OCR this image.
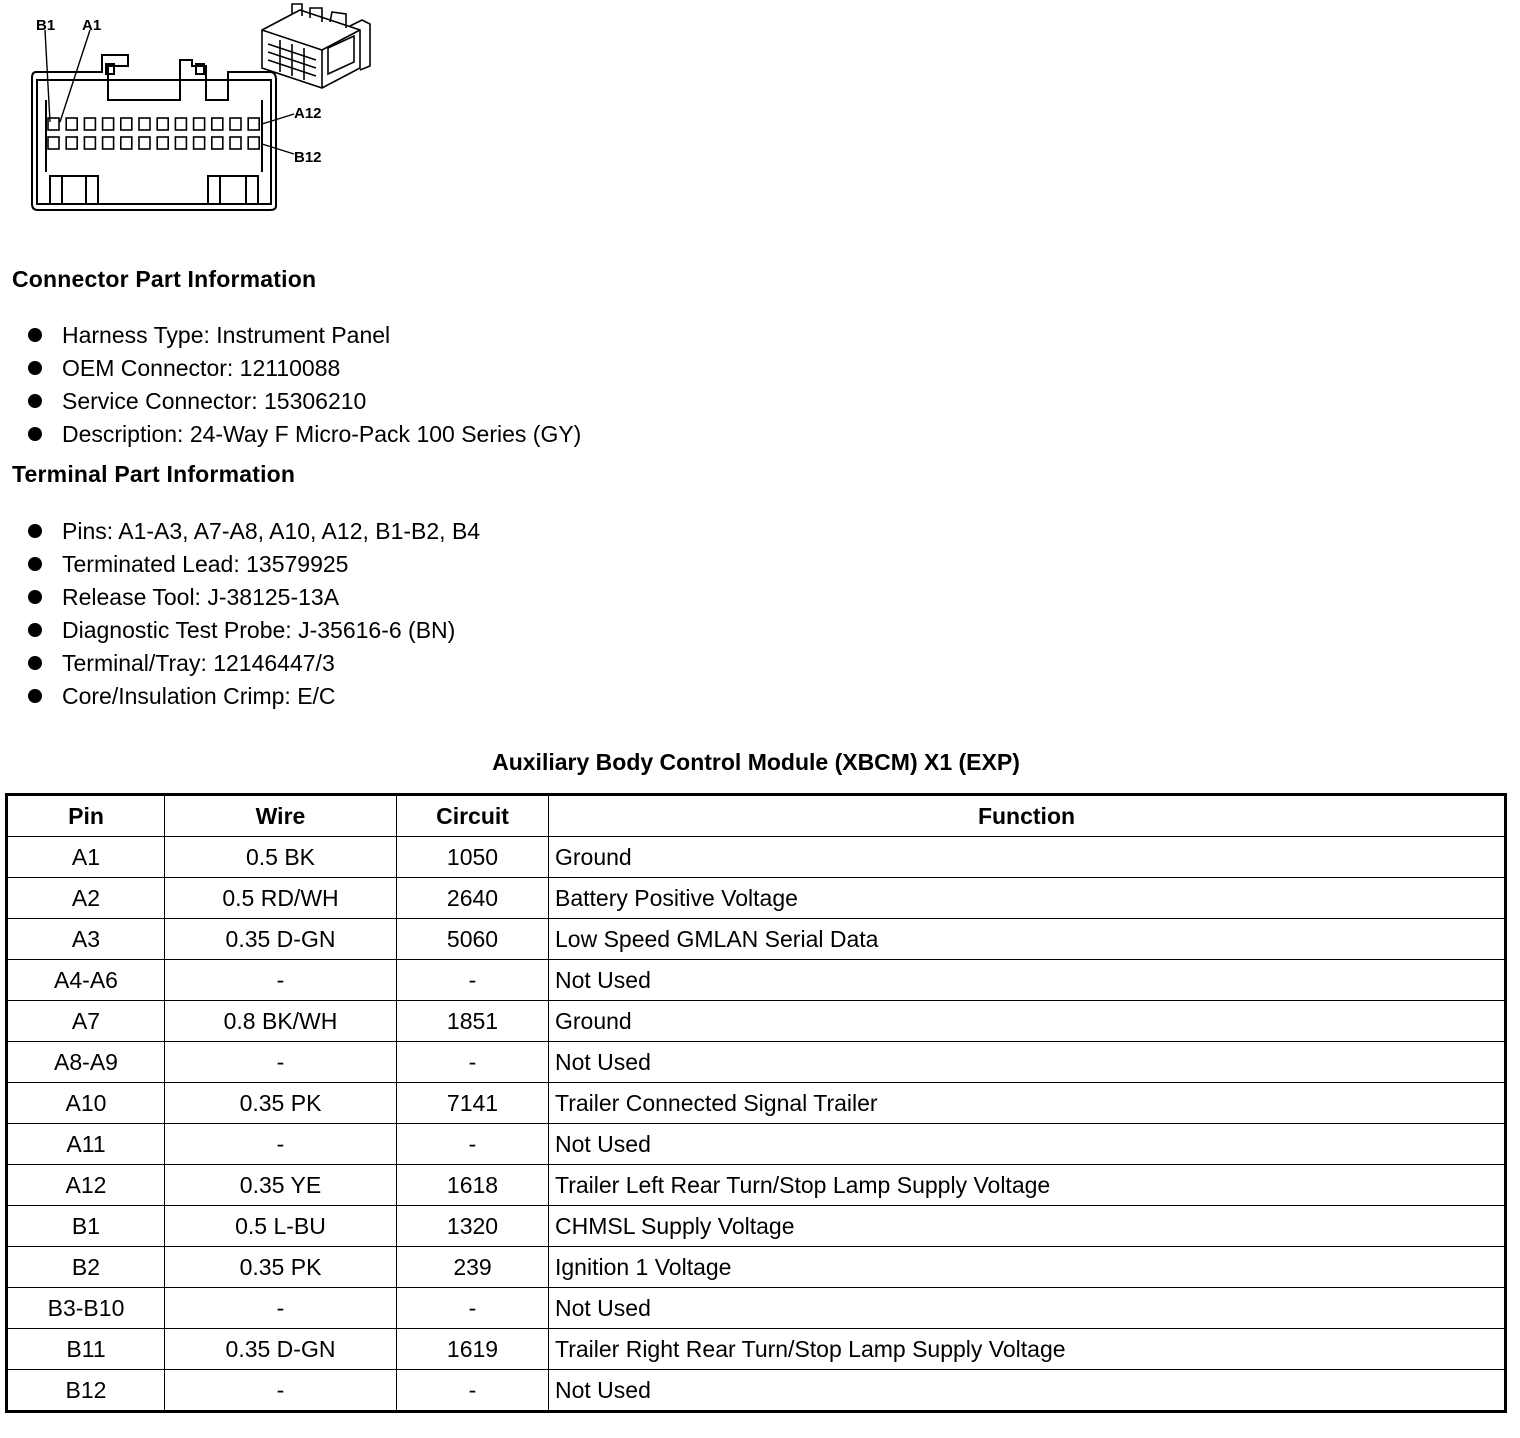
B1 A1
A12
B12
Connector Part Information
Harness Type: Instrument Panel
OEM Connector: 12110088
Service Connector: 15306210
Description: 24-Way F Micro-Pack 100 Series (GY)
Terminal Part Information
Pins: A1-A3, A7-A8, A10, A12, B1-B2, B4
Terminated Lead: 13579925
Release Tool: J-38125-13A
Diagnostic Test Probe: J-35616-6 (BN)
Terminal/Tray: 12146447/3
Core/Insulation Crimp: E/C
Auxiliary Body Control Module (XBCM) X1 (EXP)
Pin	Wire	Circuit	Function
A1	0.5 BK	1050	Ground
A2	0.5 RD/WH	2640	Battery Positive Voltage
A3	0.35 D-GN	5060	Low Speed GMLAN Serial Data
A4-A6	-	-	Not Used
A7	0.8 BK/WH	1851	Ground
A8-A9	-	-	Not Used
A10	0.35 PK	7141	Trailer Connected Signal Trailer
A11	-	-	Not Used
A12	0.35 YE	1618	Trailer Left Rear Turn/Stop Lamp Supply Voltage
B1	0.5 L-BU	1320	CHMSL Supply Voltage
B2	0.35 PK	239	Ignition 1 Voltage
B3-B10	-	-	Not Used
B11	0.35 D-GN	1619	Trailer Right Rear Turn/Stop Lamp Supply Voltage
B12	-	-	Not Used
